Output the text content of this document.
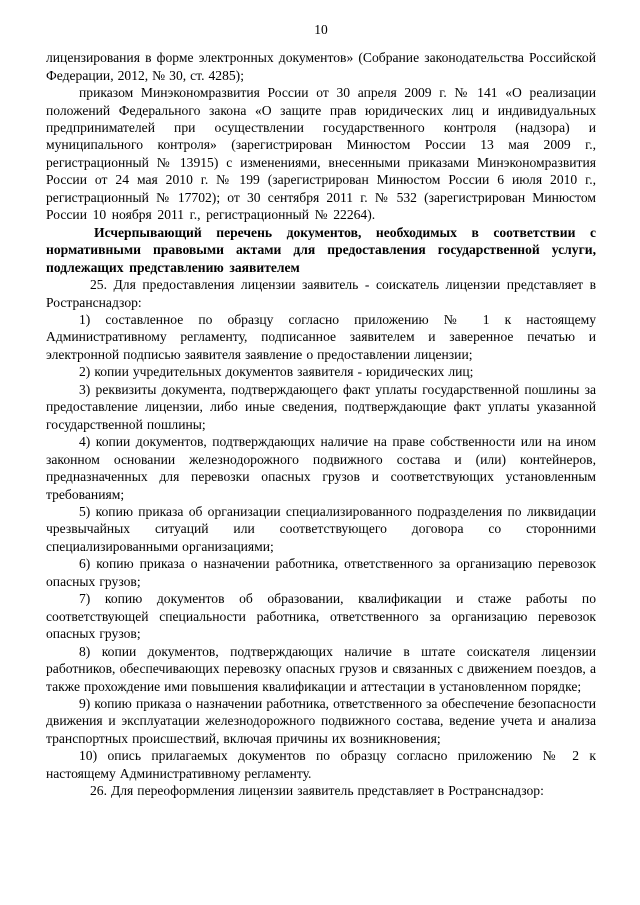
10

лицензирования в форме электронных документов» (Собрание законодательства Российской Федерации, 2012, № 30, ст. 4285);

приказом Минэкономразвития России от 30 апреля 2009 г. № 141 «О реализации положений Федерального закона «О защите прав юридических лиц и индивидуальных предпринимателей при осуществлении государственного контроля (надзора) и муниципального контроля» (зарегистрирован Минюстом России 13 мая 2009 г., регистрационный № 13915) с изменениями, внесенными приказами Минэкономразвития России от 24 мая 2010 г. № 199 (зарегистрирован Минюстом России 6 июля 2010 г., регистрационный № 17702); от 30 сентября 2011 г. № 532 (зарегистрирован Минюстом России 10 ноября 2011 г., регистрационный № 22264).

Исчерпывающий перечень документов, необходимых в соответствии с нормативными правовыми актами для предоставления государственной услуги, подлежащих представлению заявителем

25. Для предоставления лицензии заявитель - соискатель лицензии представляет в Ространснадзор:

1) составленное по образцу согласно приложению № 1 к настоящему Административному регламенту, подписанное заявителем и заверенное печатью и электронной подписью заявителя заявление о предоставлении лицензии;

2) копии учредительных документов заявителя - юридических лиц;

3) реквизиты документа, подтверждающего факт уплаты государственной пошлины за предоставление лицензии, либо иные сведения, подтверждающие факт уплаты указанной государственной пошлины;

4) копии документов, подтверждающих наличие на праве собственности или на ином законном основании железнодорожного подвижного состава и (или) контейнеров, предназначенных для перевозки опасных грузов и соответствующих установленным требованиям;

5) копию приказа об организации специализированного подразделения по ликвидации чрезвычайных ситуаций или соответствующего договора со сторонними специализированными организациями;

6) копию приказа о назначении работника, ответственного за организацию перевозок опасных грузов;

7) копию документов об образовании, квалификации и стаже работы по соответствующей специальности работника, ответственного за организацию перевозок опасных грузов;

8) копии документов, подтверждающих наличие в штате соискателя лицензии работников, обеспечивающих перевозку опасных грузов и связанных с движением поездов, а также прохождение ими повышения квалификации и аттестации в установленном порядке;

9) копию приказа о назначении работника, ответственного за обеспечение безопасности движения и эксплуатации железнодорожного подвижного состава, ведение учета и анализа транспортных происшествий, включая причины их возникновения;

10) опись прилагаемых документов по образцу согласно приложению № 2 к настоящему Административному регламенту.

26. Для переоформления лицензии заявитель представляет в Ространснадзор:
